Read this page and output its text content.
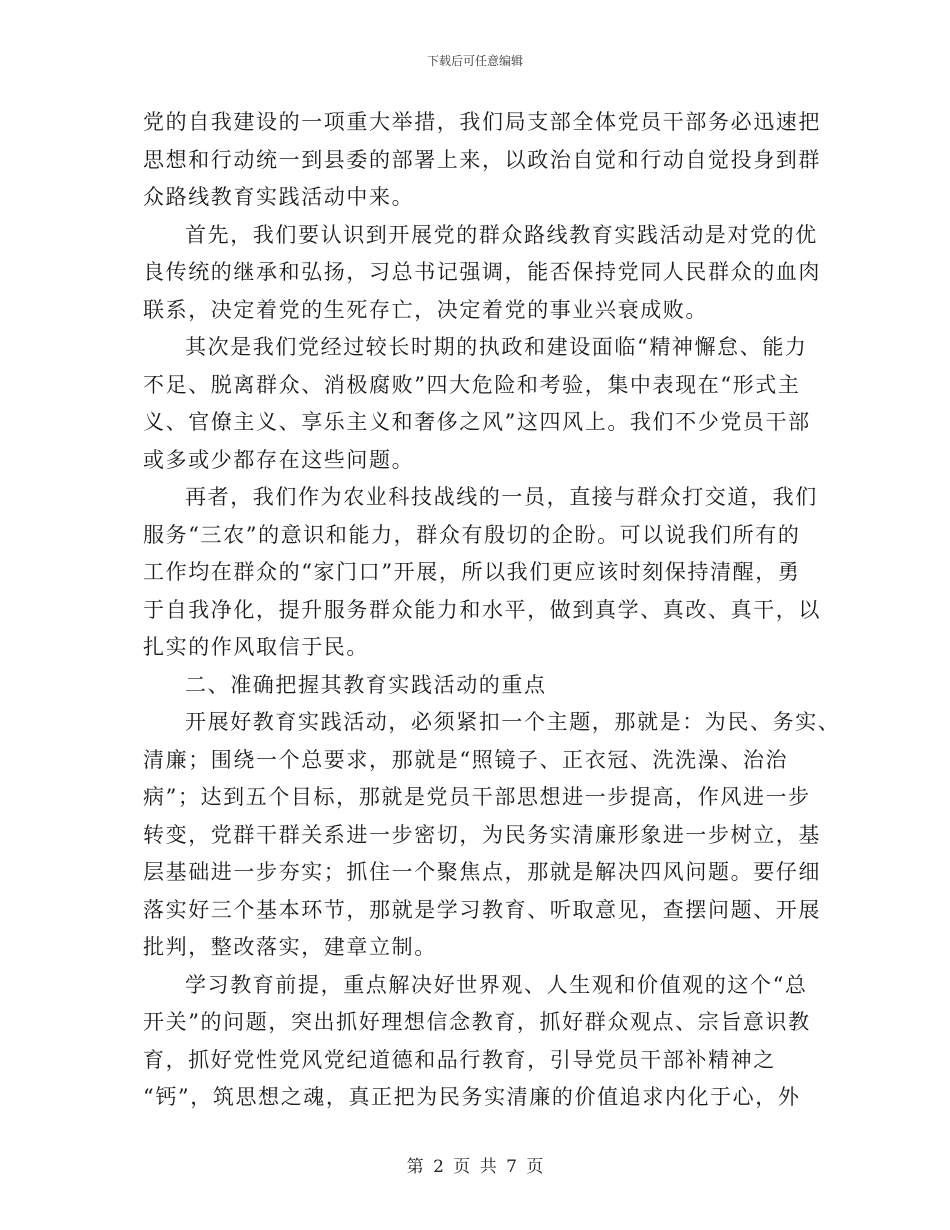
下载后可任意编辑
党的自我建设的一项重大举措，我们局支部全体党员干部务必迅速把
思想和行动统一到县委的部署上来，以政治自觉和行动自觉投身到群
众路线教育实践活动中来。
首先，我们要认识到开展党的群众路线教育实践活动是对党的优
良传统的继承和弘扬，习总书记强调，能否保持党同人民群众的血肉
联系，决定着党的生死存亡，决定着党的事业兴衰成败。
其次是我们党经过较长时期的执政和建设面临“精神懈怠、能力
不足、脱离群众、消极腐败”四大危险和考验，集中表现在“形式主
义、官僚主义、享乐主义和奢侈之风”这四风上。我们不少党员干部
或多或少都存在这些问题。
再者，我们作为农业科技战线的一员，直接与群众打交道，我们
服务“三农”的意识和能力，群众有殷切的企盼。可以说我们所有的
工作均在群众的“家门口”开展，所以我们更应该时刻保持清醒，勇
于自我净化，提升服务群众能力和水平，做到真学、真改、真干，以
扎实的作风取信于民。
二、准确把握其教育实践活动的重点
开展好教育实践活动，必须紧扣一个主题，那就是：为民、务实、
清廉；围绕一个总要求，那就是“照镜子、正衣冠、洗洗澡、治治
病”；达到五个目标，那就是党员干部思想进一步提高，作风进一步
转变，党群干群关系进一步密切，为民务实清廉形象进一步树立，基
层基础进一步夯实；抓住一个聚焦点，那就是解决四风问题。要仔细
落实好三个基本环节，那就是学习教育、听取意见，查摆问题、开展
批判，整改落实，建章立制。
学习教育前提，重点解决好世界观、人生观和价值观的这个“总
开关”的问题，突出抓好理想信念教育，抓好群众观点、宗旨意识教
育，抓好党性党风党纪道德和品行教育，引导党员干部补精神之
“钙”，筑思想之魂，真正把为民务实清廉的价值追求内化于心，外
第 2 页 共 7 页
